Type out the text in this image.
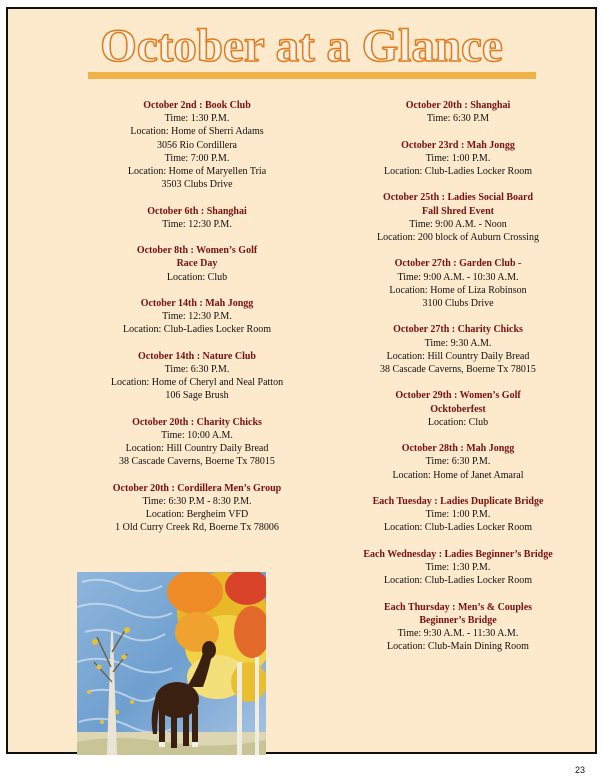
October at a Glance
October 2nd : Book Club
Time: 1:30 P.M.
Location: Home of Sherri Adams
3056 Rio Cordillera
Time: 7:00 P.M.
Location: Home of Maryellen Tria
3503 Clubs Drive
October 6th : Shanghai
Time: 12:30 P.M.
October 8th : Women’s Golf
Race Day
Location: Club
October 14th : Mah Jongg
Time: 12:30 P.M.
Location: Club-Ladies Locker Room
October 14th : Nature Club
Time: 6:30 P.M.
Location: Home of Cheryl and Neal Patton
106 Sage Brush
October 20th : Charity Chicks
Time: 10:00 A.M.
Location: Hill Country Daily Bread
38 Cascade Caverns, Boerne Tx 78015
October 20th : Cordillera Men’s Group
Time: 6:30 P.M - 8:30 P.M.
Location: Bergheim VFD
1 Old Curry Creek Rd, Boerne Tx 78006
October 20th : Shanghai
Time: 6:30 P.M
October 23rd : Mah Jongg
Time: 1:00 P.M.
Location: Club-Ladies Locker Room
October 25th : Ladies Social Board
Fall Shred Event
Time: 9:00 A.M. - Noon
Location: 200 block of Auburn Crossing
October 27th : Garden Club -
Time: 9:00 A.M. - 10:30 A.M.
Location: Home of Liza Robinson
3100 Clubs Drive
October 27th : Charity Chicks
Time: 9:30 A.M.
Location: Hill Country Daily Bread
38 Cascade Caverns, Boerne Tx 78015
October 29th : Women’s Golf
Ocktoberfest
Location: Club
October 28th : Mah Jongg
Time: 6:30 P.M.
Location: Home of Janet Amaral
Each Tuesday : Ladies Duplicate Bridge
Time: 1:00 P.M.
Location: Club-Ladies Locker Room
Each Wednesday : Ladies Beginner’s Bridge
Time: 1:30 P.M.
Location: Club-Ladies Locker Room
Each Thursday : Men’s & Couples
Beginner’s Bridge
Time: 9:30 A.M. - 11:30 A.M.
Location: Club-Main Dining Room
23
